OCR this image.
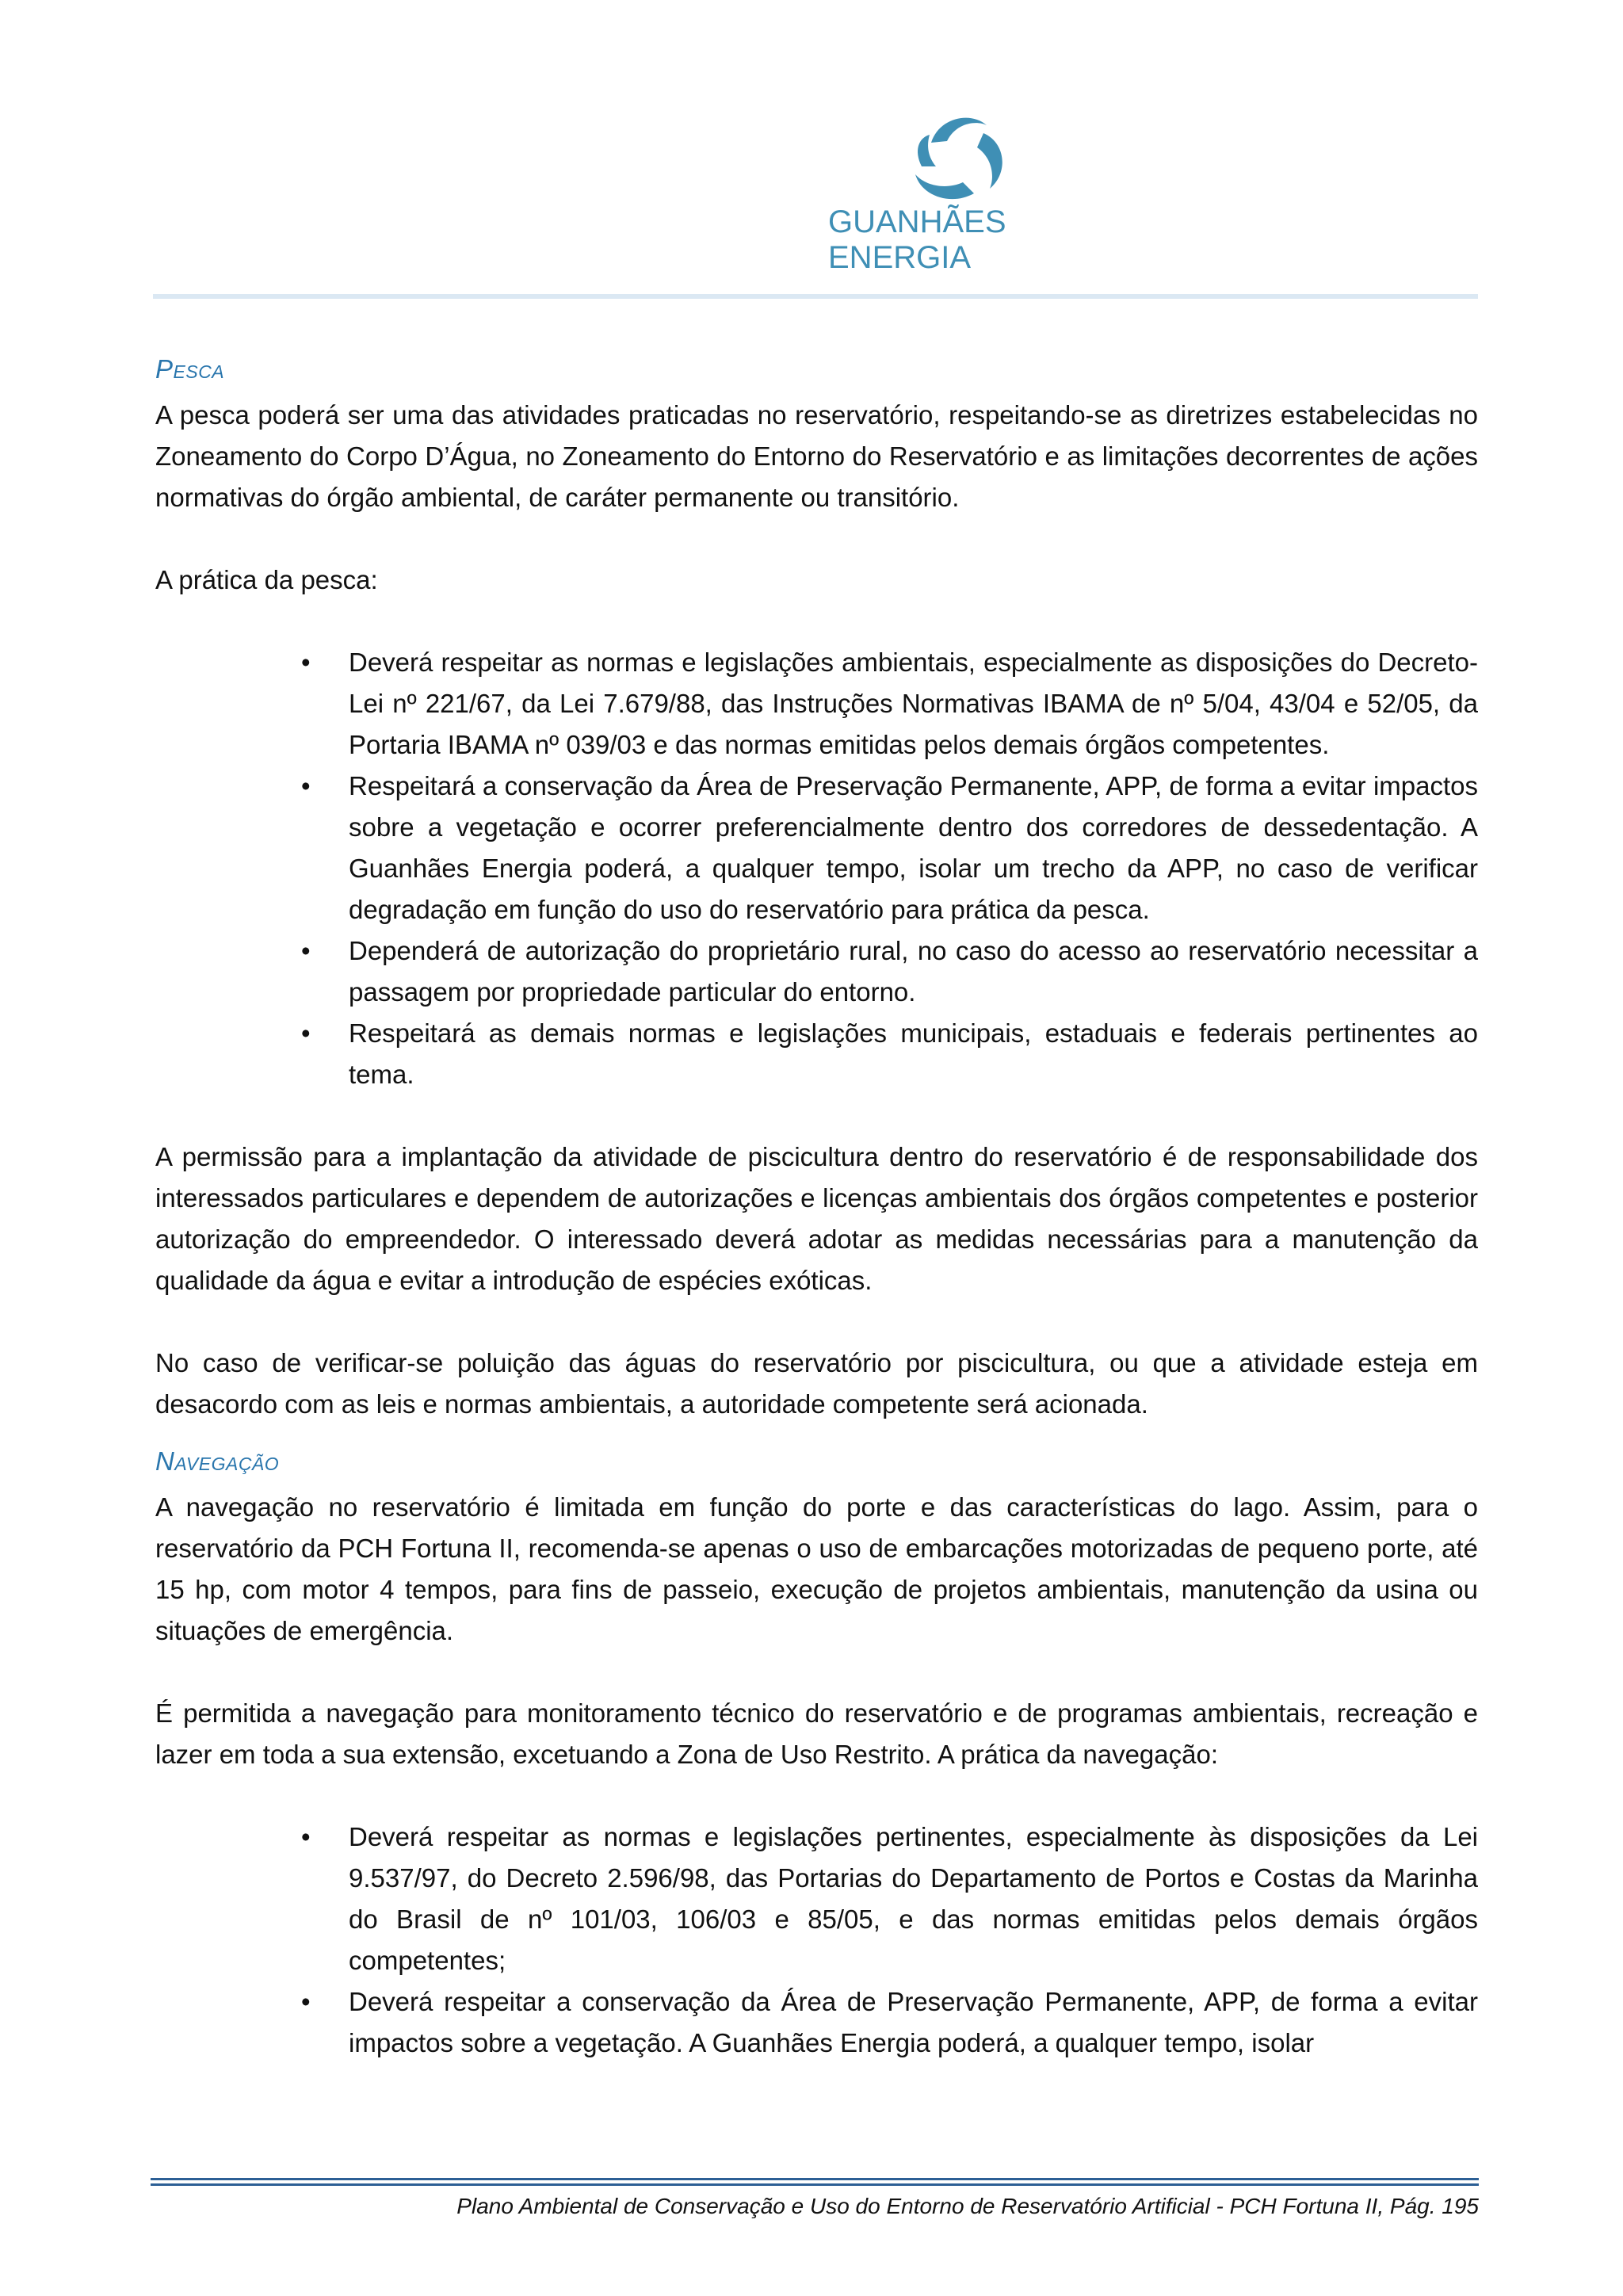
GUANHÃES ENERGIA
Pesca

A pesca poderá ser uma das atividades praticadas no reservatório, respeitando-se as diretrizes estabelecidas no Zoneamento do Corpo D’Água, no Zoneamento do Entorno do Reservatório e as limitações decorrentes de ações normativas do órgão ambiental, de caráter permanente ou transitório.

A prática da pesca:

• Deverá respeitar as normas e legislações ambientais, especialmente as disposições do Decreto-Lei nº 221/67, da Lei 7.679/88, das Instruções Normativas IBAMA de nº 5/04, 43/04 e 52/05, da Portaria IBAMA nº 039/03 e das normas emitidas pelos demais órgãos competentes.
• Respeitará a conservação da Área de Preservação Permanente, APP, de forma a evitar impactos sobre a vegetação e ocorrer preferencialmente dentro dos corredores de dessedentação. A Guanhães Energia poderá, a qualquer tempo, isolar um trecho da APP, no caso de verificar degradação em função do uso do reservatório para prática da pesca.
• Dependerá de autorização do proprietário rural, no caso do acesso ao reservatório necessitar a passagem por propriedade particular do entorno.
• Respeitará as demais normas e legislações municipais, estaduais e federais pertinentes ao tema.

A permissão para a implantação da atividade de piscicultura dentro do reservatório é de responsabilidade dos interessados particulares e dependem de autorizações e licenças ambientais dos órgãos competentes e posterior autorização do empreendedor. O interessado deverá adotar as medidas necessárias para a manutenção da qualidade da água e evitar a introdução de espécies exóticas.

No caso de verificar-se poluição das águas do reservatório por piscicultura, ou que a atividade esteja em desacordo com as leis e normas ambientais, a autoridade competente será acionada.

Navegação

A navegação no reservatório é limitada em função do porte e das características do lago. Assim, para o reservatório da PCH Fortuna II, recomenda-se apenas o uso de embarcações motorizadas de pequeno porte, até 15 hp, com motor 4 tempos, para fins de passeio, execução de projetos ambientais, manutenção da usina ou situações de emergência.

É permitida a navegação para monitoramento técnico do reservatório e de programas ambientais, recreação e lazer em toda a sua extensão, excetuando a Zona de Uso Restrito. A prática da navegação:

• Deverá respeitar as normas e legislações pertinentes, especialmente às disposições da Lei 9.537/97, do Decreto 2.596/98, das Portarias do Departamento de Portos e Costas da Marinha do Brasil de nº 101/03, 106/03 e 85/05, e das normas emitidas pelos demais órgãos competentes;
• Deverá respeitar a conservação da Área de Preservação Permanente, APP, de forma a evitar impactos sobre a vegetação. A Guanhães Energia poderá, a qualquer tempo, isolar
Plano Ambiental de Conservação e Uso do Entorno de Reservatório Artificial - PCH Fortuna II, Pág. 195
